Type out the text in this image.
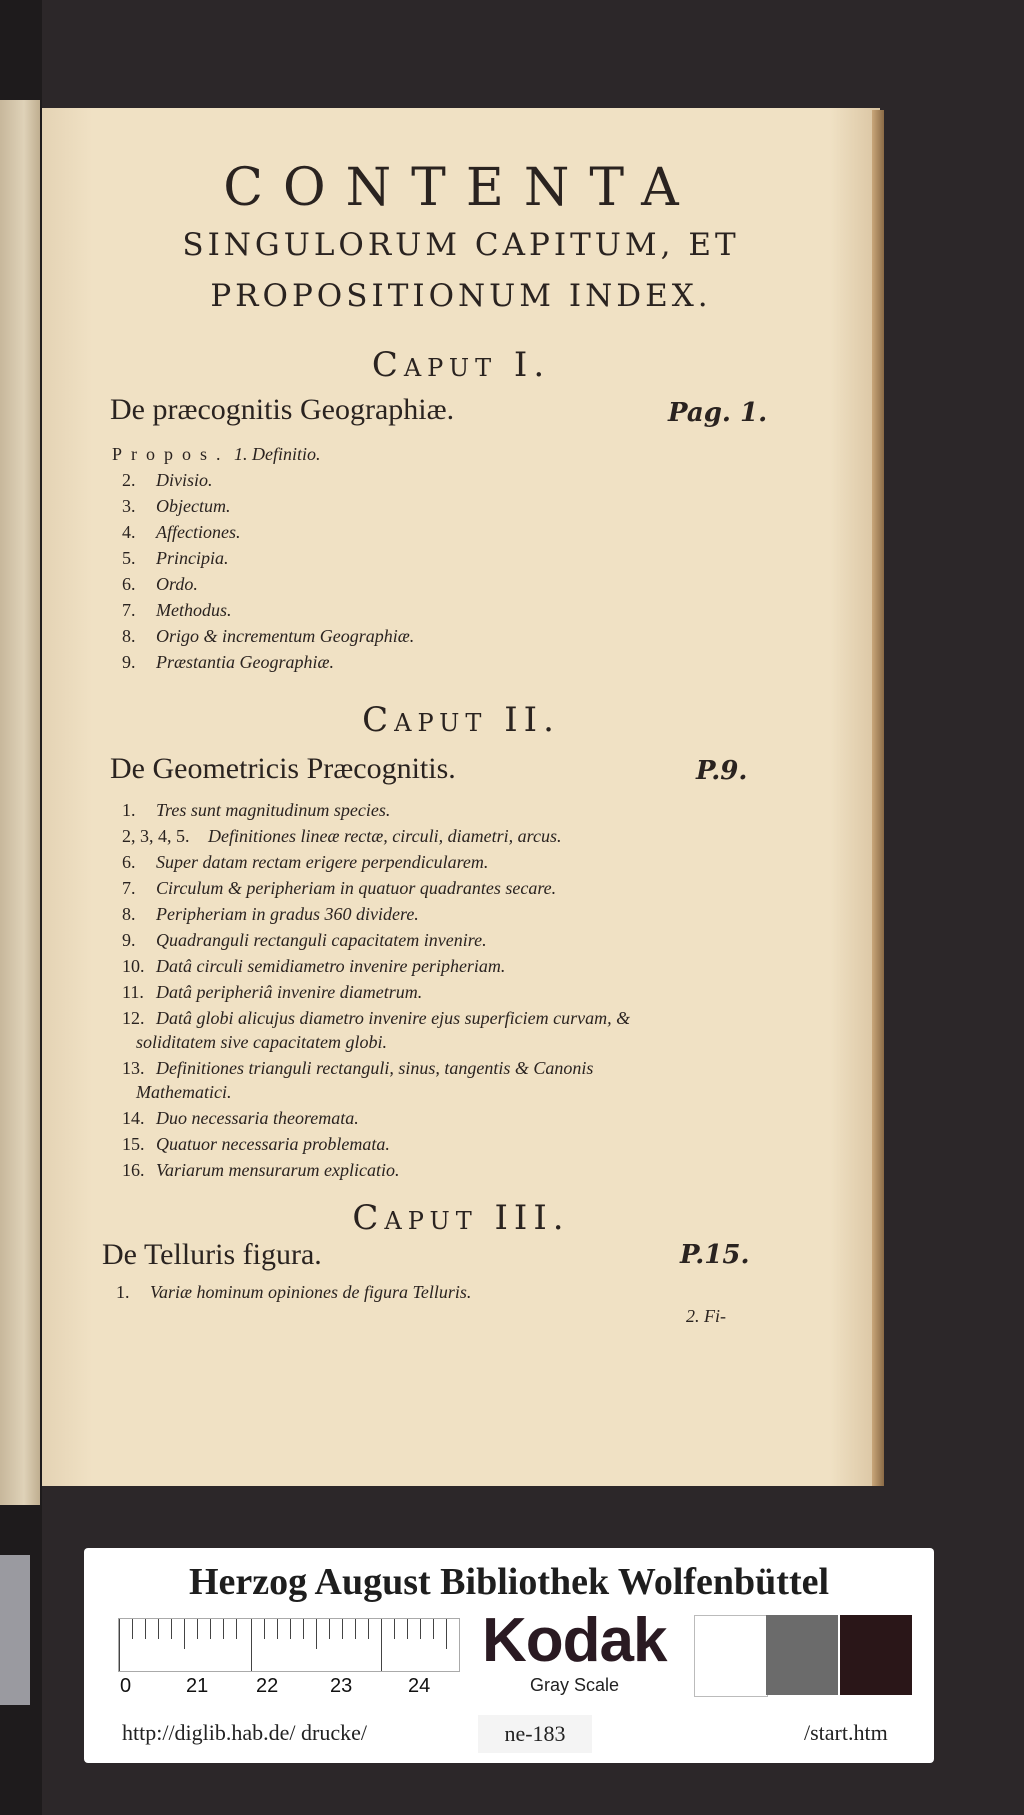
CONTENTA
SINGULORUM CAPITUM, ET
PROPOSITIONUM INDEX.
Caput I.
De præcognitis Geographiæ.	Pag. 1.
Propos. 1. Definitio.
2. Divisio.
3. Objectum.
4. Affectiones.
5. Principia.
6. Ordo.
7. Methodus.
8. Origo & incrementum Geographiæ.
9. Præstantia Geographiæ.
Caput II.
De Geometricis Præcognitis.	P.9.
1. Tres sunt magnitudinum species.
2, 3, 4, 5. Definitiones lineæ rectæ, circuli, diametri, arcus.
6. Super datam rectam erigere perpendicularem.
7. Circulum & peripheriam in quatuor quadrantes secare.
8. Peripheriam in gradus 360 dividere.
9. Quadranguli rectanguli capacitatem invenire.
10. Datâ circuli semidiametro invenire peripheriam.
11. Datâ peripheriâ invenire diametrum.
12. Datâ globi alicujus diametro invenire ejus superficiem curvam, &
soliditatem sive capacitatem globi.
13. Definitiones trianguli rectanguli, sinus, tangentis & Canonis
Mathematici.
14. Duo necessaria theoremata.
15. Quatuor necessaria problemata.
16. Variarum mensurarum explicatio.
Caput III.
De Telluris figura.	P.15.
1. Variæ hominum opiniones de figura Telluris.
2. Fi-
Herzog August Bibliothek Wolfenbüttel
0	21 22	23	24
Kodak
Gray Scale
http://diglib.hab.de/ drucke/	ne-183	/start.htm
